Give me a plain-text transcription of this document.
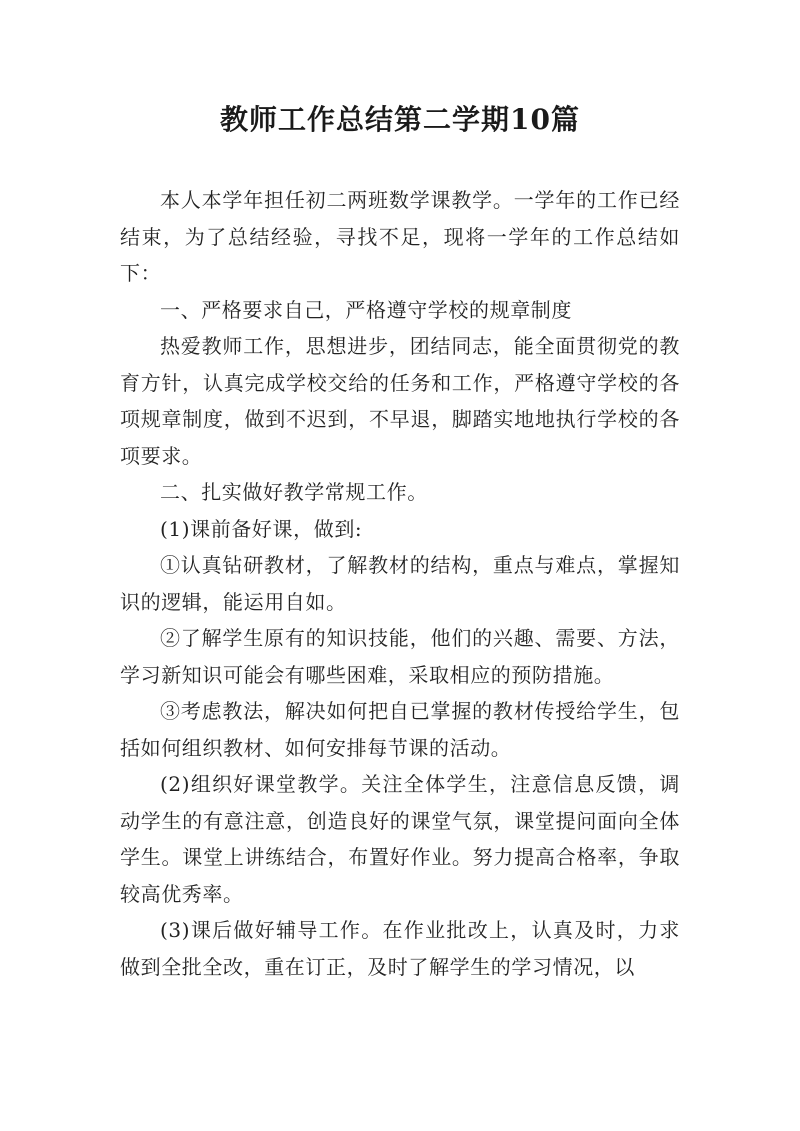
教师工作总结第二学期10篇

本人本学年担任初二两班数学课教学。一学年的工作已经结束，为了总结经验，寻找不足，现将一学年的工作总结如下：

一、严格要求自己，严格遵守学校的规章制度

热爱教师工作，思想进步，团结同志，能全面贯彻党的教育方针，认真完成学校交给的任务和工作，严格遵守学校的各项规章制度，做到不迟到，不早退，脚踏实地地执行学校的各项要求。

二、扎实做好教学常规工作。

(1)课前备好课，做到:

①认真钻研教材，了解教材的结构，重点与难点，掌握知识的逻辑，能运用自如。

②了解学生原有的知识技能，他们的兴趣、需要、方法，学习新知识可能会有哪些困难，采取相应的预防措施。

③考虑教法，解决如何把自已掌握的教材传授给学生，包括如何组织教材、如何安排每节课的活动。

(2)组织好课堂教学。关注全体学生，注意信息反馈，调动学生的有意注意，创造良好的课堂气氛，课堂提问面向全体学生。课堂上讲练结合，布置好作业。努力提高合格率，争取较高优秀率。

(3)课后做好辅导工作。在作业批改上，认真及时，力求做到全批全改，重在订正，及时了解学生的学习情况，以
